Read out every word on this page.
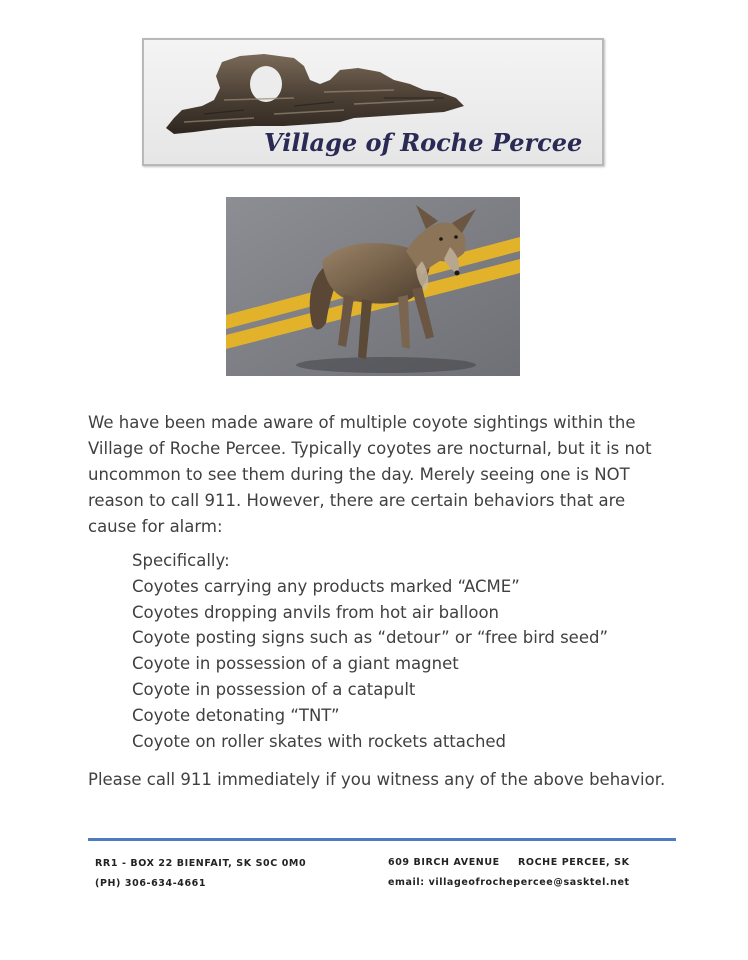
Village of Roche Percee

We have been made aware of multiple coyote sightings within the Village of Roche Percee. Typically coyotes are nocturnal, but it is not uncommon to see them during the day. Merely seeing one is NOT reason to call 911. However, there are certain behaviors that are cause for alarm:

Specifically:
Coyotes carrying any products marked “ACME”
Coyotes dropping anvils from hot air balloon
Coyote posting signs such as “detour” or “free bird seed”
Coyote in possession of a giant magnet
Coyote in possession of a catapult
Coyote detonating “TNT”
Coyote on roller skates with rockets attached
Please call 911 immediately if you witness any of the above behavior.
RR1 - BOX 22 BIENFAIT, SK S0C 0M0
(PH) 306-634-4661
609 BIRCH AVENUE ROCHE PERCEE, SK
email: villageofrochepercee@sasktel.net
